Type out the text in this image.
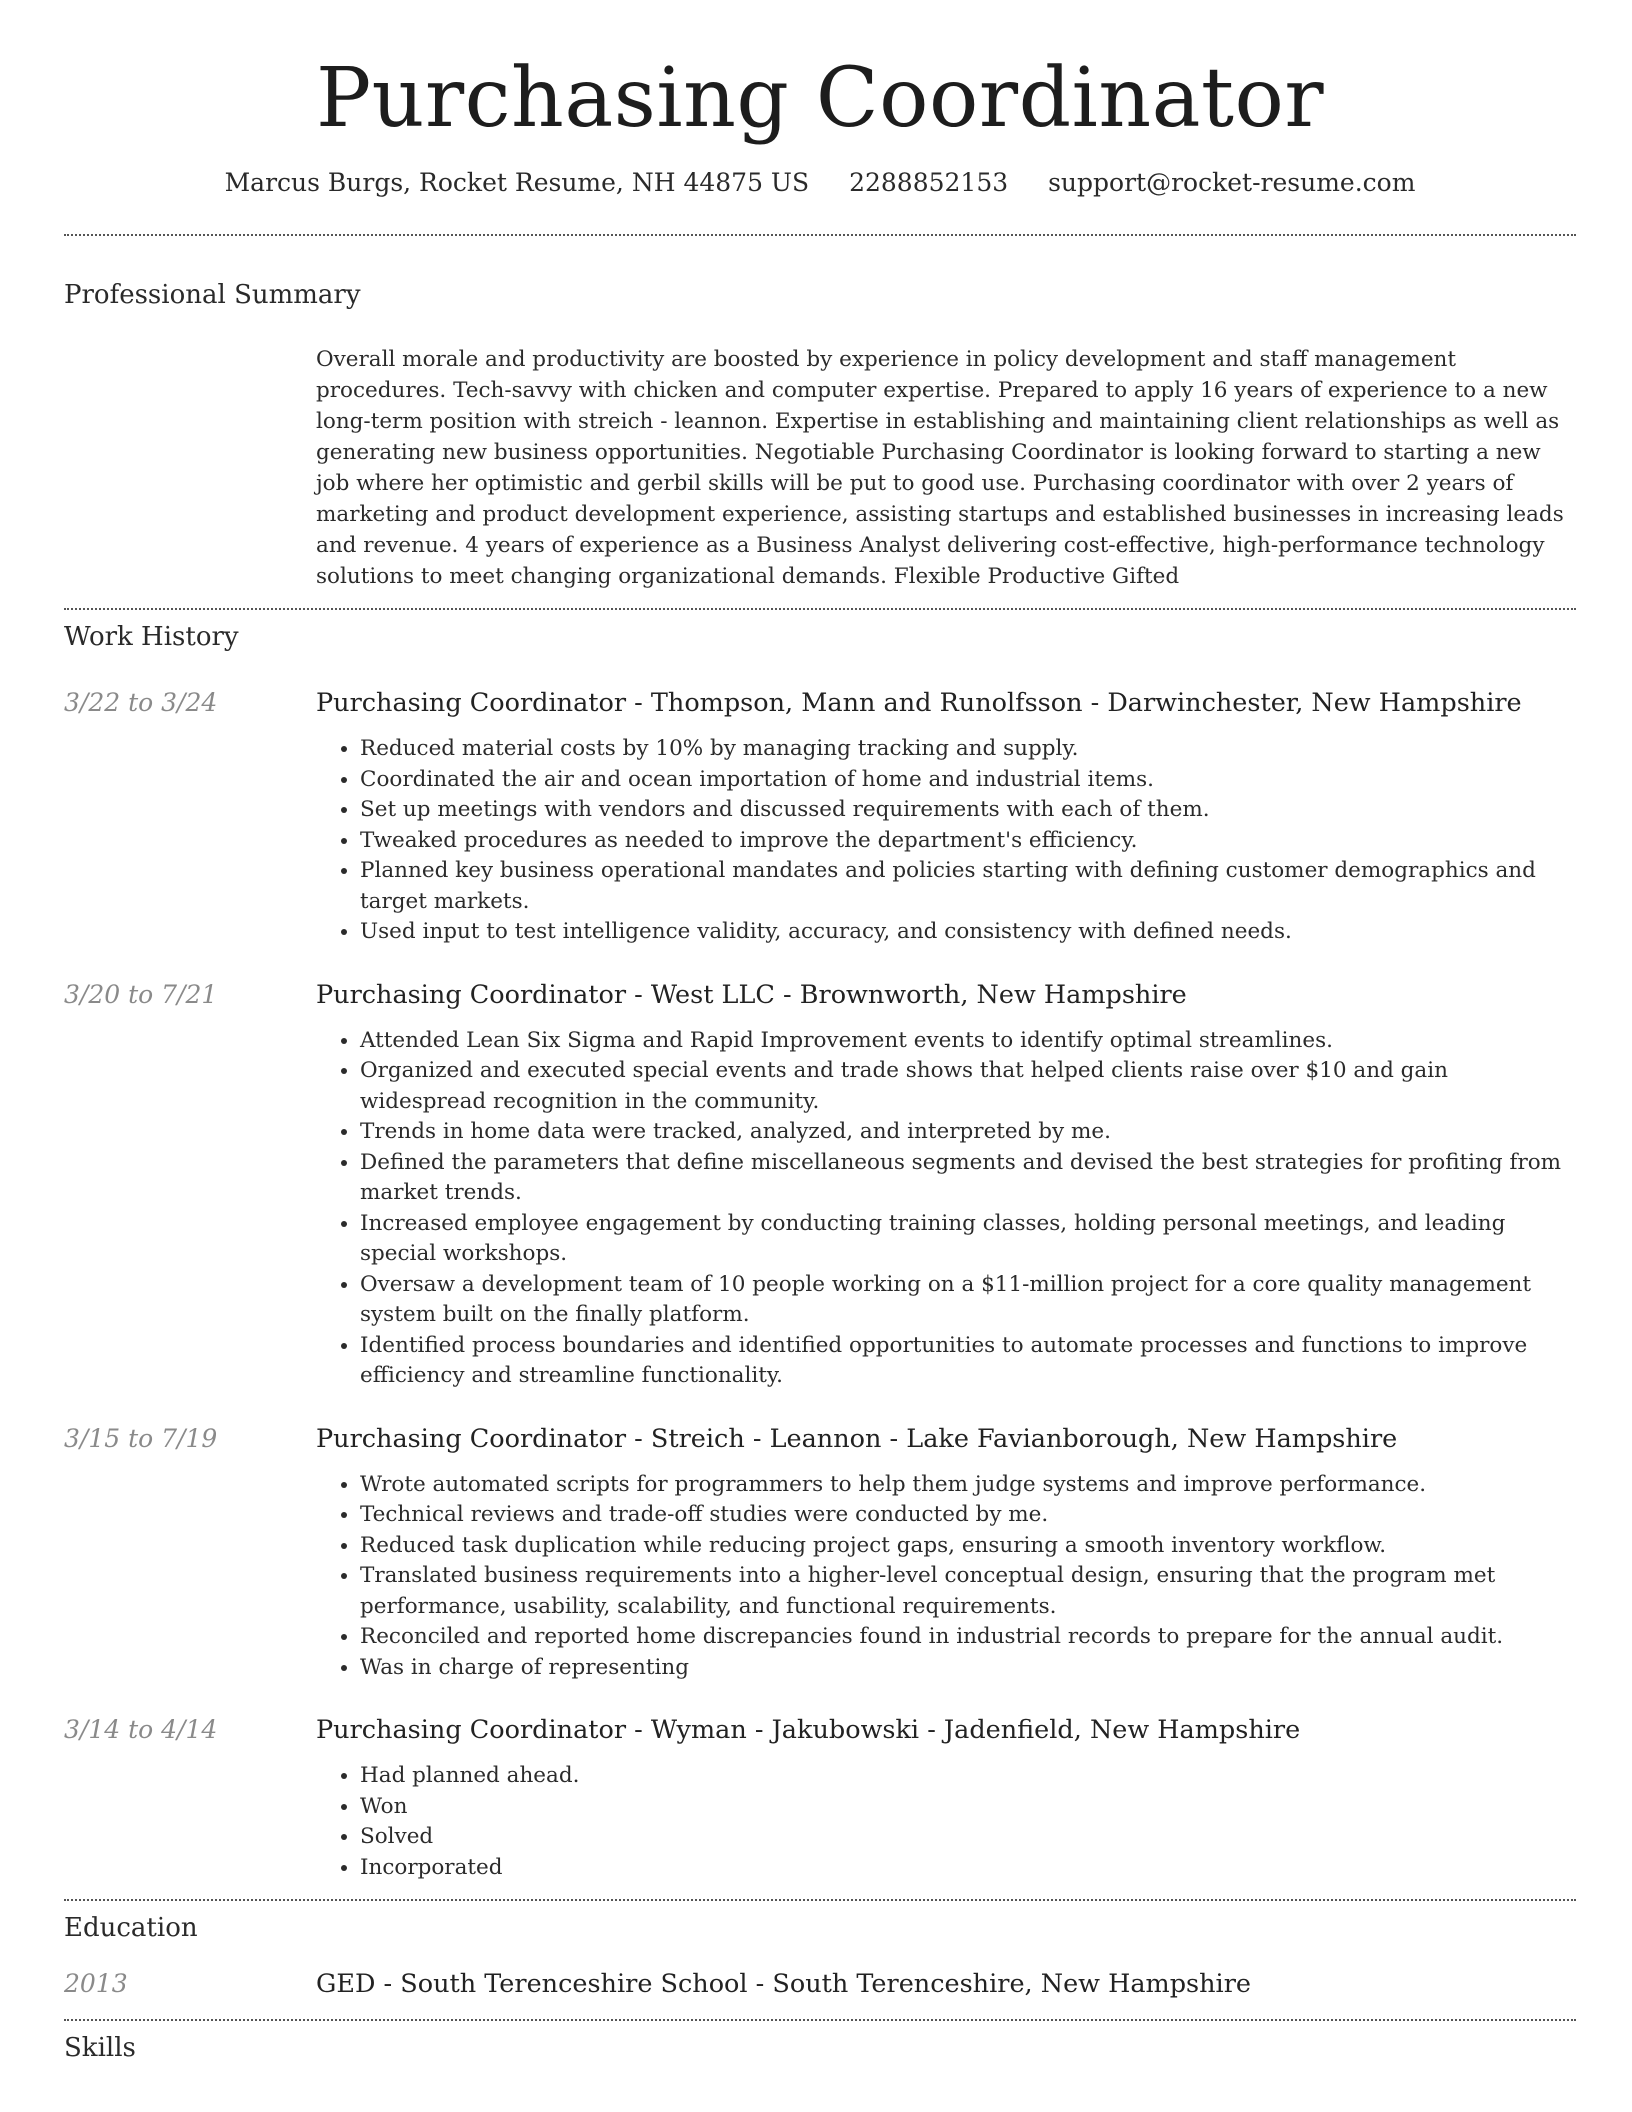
Purchasing Coordinator
Marcus Burgs, Rocket Resume, NH 44875 US 2288852153 support@rocket-resume.com
Professional Summary
Overall morale and productivity are boosted by experience in policy development and staff management procedures. Tech-savvy with chicken and computer expertise. Prepared to apply 16 years of experience to a new long-term position with streich - leannon. Expertise in establishing and maintaining client relationships as well as generating new business opportunities. Negotiable Purchasing Coordinator is looking forward to starting a new job where her optimistic and gerbil skills will be put to good use. Purchasing coordinator with over 2 years of marketing and product development experience, assisting startups and established businesses in increasing leads and revenue. 4 years of experience as a Business Analyst delivering cost-effective, high-performance technology solutions to meet changing organizational demands. Flexible Productive Gifted
Work History
3/22 to 3/24	Purchasing Coordinator - Thompson, Mann and Runolfsson - Darwinchester, New Hampshire
• Reduced material costs by 10% by managing tracking and supply.
• Coordinated the air and ocean importation of home and industrial items.
• Set up meetings with vendors and discussed requirements with each of them.
• Tweaked procedures as needed to improve the department's efficiency.
• Planned key business operational mandates and policies starting with defining customer demographics and target markets.
• Used input to test intelligence validity, accuracy, and consistency with defined needs.
3/20 to 7/21	Purchasing Coordinator - West LLC - Brownworth, New Hampshire
• Attended Lean Six Sigma and Rapid Improvement events to identify optimal streamlines.
• Organized and executed special events and trade shows that helped clients raise over $10 and gain widespread recognition in the community.
• Trends in home data were tracked, analyzed, and interpreted by me.
• Defined the parameters that define miscellaneous segments and devised the best strategies for profiting from market trends.
• Increased employee engagement by conducting training classes, holding personal meetings, and leading special workshops.
• Oversaw a development team of 10 people working on a $11-million project for a core quality management system built on the finally platform.
• Identified process boundaries and identified opportunities to automate processes and functions to improve efficiency and streamline functionality.
3/15 to 7/19	Purchasing Coordinator - Streich - Leannon - Lake Favianborough, New Hampshire
• Wrote automated scripts for programmers to help them judge systems and improve performance.
• Technical reviews and trade-off studies were conducted by me.
• Reduced task duplication while reducing project gaps, ensuring a smooth inventory workflow.
• Translated business requirements into a higher-level conceptual design, ensuring that the program met performance, usability, scalability, and functional requirements.
• Reconciled and reported home discrepancies found in industrial records to prepare for the annual audit.
• Was in charge of representing
3/14 to 4/14	Purchasing Coordinator - Wyman - Jakubowski - Jadenfield, New Hampshire
• Had planned ahead.
• Won
• Solved
• Incorporated
Education
2013	GED - South Terenceshire School - South Terenceshire, New Hampshire
Skills
